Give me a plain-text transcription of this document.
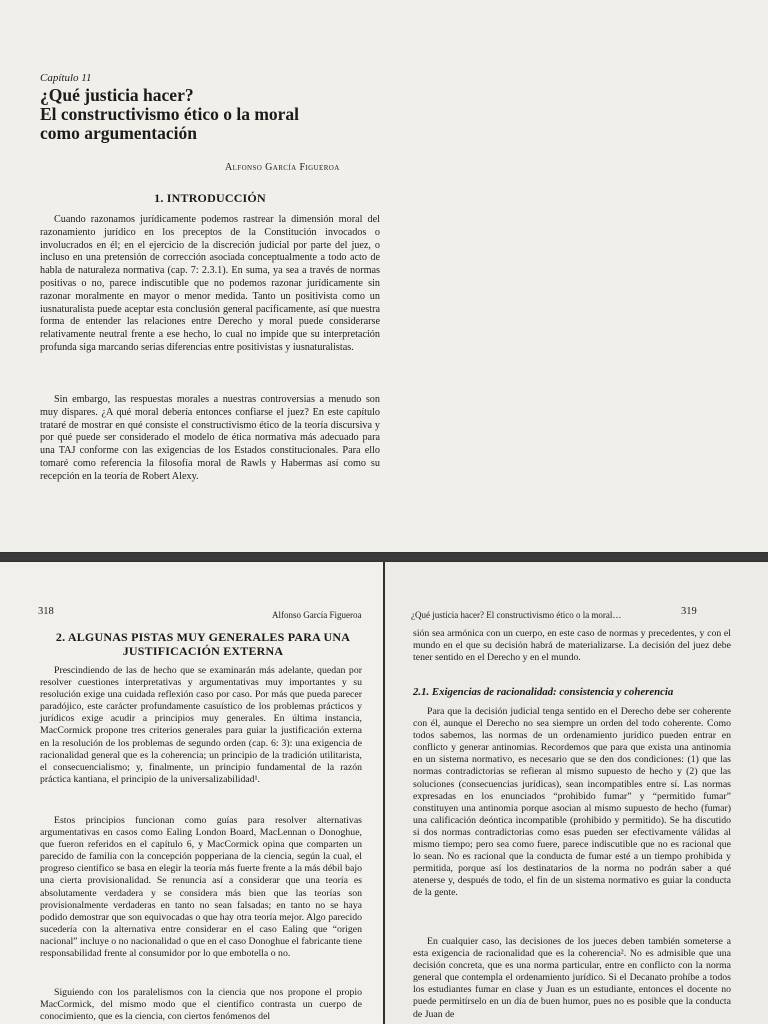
Capítulo 11
¿Qué justicia hacer?
El constructivismo ético o la moral
como argumentación
Alfonso García Figueroa
1. INTRODUCCIÓN

Cuando razonamos jurídicamente podemos rastrear la dimensión moral del razonamiento jurídico en los preceptos de la Constitución invocados o involucrados en él; en el ejercicio de la discreción judicial por parte del juez, o incluso en una pretensión de corrección asociada conceptualmente a todo acto de habla de naturaleza normativa (cap. 7: 2.3.1). En suma, ya sea a través de normas positivas o no, parece indiscutible que no podemos razonar jurídicamente sin razonar moralmente en mayor o menor medida. Tanto un positivista como un iusnaturalista puede aceptar esta conclusión general pacíficamente, así que nuestra forma de entender las relaciones entre Derecho y moral puede considerarse relativamente neutral frente a ese hecho, lo cual no impide que su interpretación profunda siga marcando serias diferencias entre positivistas y iusnaturalistas.

Sin embargo, las respuestas morales a nuestras controversias a menudo son muy dispares. ¿A qué moral debería entonces confiarse el juez? En este capítulo trataré de mostrar en qué consiste el constructivismo ético de la teoría discursiva y por qué puede ser considerado el modelo de ética normativa más adecuado para una TAJ conforme con las exigencias de los Estados constitucionales. Para ello tomaré como referencia la filosofía moral de Rawls y Habermas así como su recepción en la teoría de Robert Alexy.

318	Alfonso García Figueroa
2. ALGUNAS PISTAS MUY GENERALES PARA UNA
JUSTIFICACIÓN EXTERNA

Prescindiendo de las de hecho que se examinarán más adelante, quedan por resolver cuestiones interpretativas y argumentativas muy importantes y su resolución exige una cuidada reflexión caso por caso. Por más que pueda parecer paradójico, este carácter profundamente casuístico de los problemas prácticos y jurídicos exige acudir a principios muy generales. En última instancia, MacCormick propone tres criterios generales para guiar la justificación externa en la resolución de los problemas de segundo orden (cap. 6: 3): una exigencia de racionalidad general que es la coherencia; un principio de la tradición utilitarista, el consecuencialismo; y, finalmente, un principio fundamental de la razón práctica kantiana, el principio de la universalizabilidad¹.

Estos principios funcionan como guías para resolver alternativas argumentativas en casos como Ealing London Board, MacLennan o Donoghue, que fueron referidos en el capítulo 6, y MacCormick opina que comparten un parecido de familia con la concepción popperiana de la ciencia, según la cual, el progreso científico se basa en elegir la teoría más fuerte frente a la más débil bajo una cierta provisionalidad. Se renuncia así a considerar que una teoría es absolutamente verdadera y se considera más bien que las teorías son provisionalmente verdaderas en tanto no sean falsadas; en tanto no se haya podido demostrar que son equivocadas o que hay otra teoría mejor. Algo parecido sucedería con la alternativa entre considerar en el caso Ealing que “origen nacional” incluye o no nacionalidad o que en el caso Donoghue el fabricante tiene responsabilidad frente al consumidor por lo que embotella o no.

Siguiendo con los paralelismos con la ciencia que nos propone el propio MacCormick, del mismo modo que el científico contrasta un cuerpo de conocimiento, que es la ciencia, con ciertos fenómenos del

¿Qué justicia hacer? El constructivismo ético o la moral…	319

sión sea armónica con un cuerpo, en este caso de normas y precedentes, y con el mundo en el que su decisión habrá de materializarse. La decisión del juez debe tener sentido en el Derecho y en el mundo.

2.1. Exigencias de racionalidad: consistencia y coherencia

Para que la decisión judicial tenga sentido en el Derecho debe ser coherente con él, aunque el Derecho no sea siempre un orden del todo coherente. Como todos sabemos, las normas de un ordenamiento jurídico pueden entrar en conflicto y generar antinomias. Recordemos que para que exista una antinomia en un sistema normativo, es necesario que se den dos condiciones: (1) que las normas contradictorias se refieran al mismo supuesto de hecho y (2) que las soluciones (consecuencias jurídicas), sean incompatibles entre sí. Las normas expresadas en los enunciados “prohibido fumar” y “permitido fumar” constituyen una antinomia porque asocian al mismo supuesto de hecho (fumar) una calificación deóntica incompatible (prohibido y permitido). Se ha discutido si dos normas contradictorias como esas pueden ser efectivamente válidas al mismo tiempo; pero sea como fuere, parece indiscutible que no es racional que lo sean. No es racional que la conducta de fumar esté a un tiempo prohibida y permitida, porque así los destinatarios de la norma no podrán saber a qué atenerse y, después de todo, el fin de un sistema normativo es guiar la conducta de la gente.

En cualquier caso, las decisiones de los jueces deben también someterse a esta exigencia de racionalidad que es la coherencia². No es admisible que una decisión concreta, que es una norma particular, entre en conflicto con la norma general que contempla el ordenamiento jurídico. Si el Decanato prohíbe a todos los estudiantes fumar en clase y Juan es un estudiante, entonces el docente no puede permitírselo en un día de buen humor, pues no es posible que la conducta de Juan de
